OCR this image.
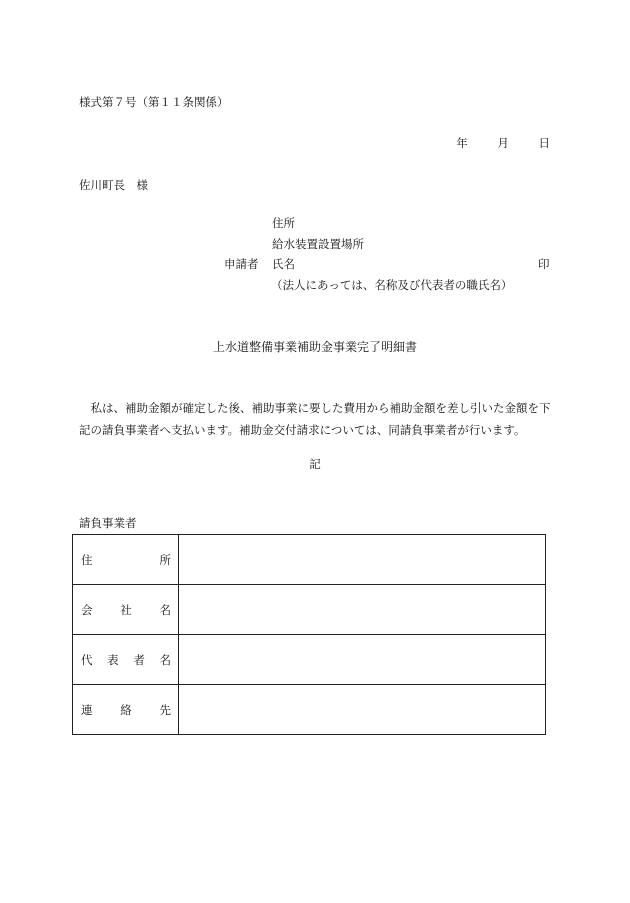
様式第７号（第１１条関係）
年	月	日
佐川町長　様
住所
給水装置設置場所
申請者 氏名	印
（法人にあっては、名称及び代表者の職氏名）
上水道整備事業補助金事業完了明細書
私は、補助金額が確定した後、補助事業に要した費用から補助金額を差し引いた金額を下記の請負事業者へ支払います。補助金交付請求については、同請負事業者が行います。
記
請負事業者
住 所	

会 社 名	

代 表 者 名	

連 絡 先	
